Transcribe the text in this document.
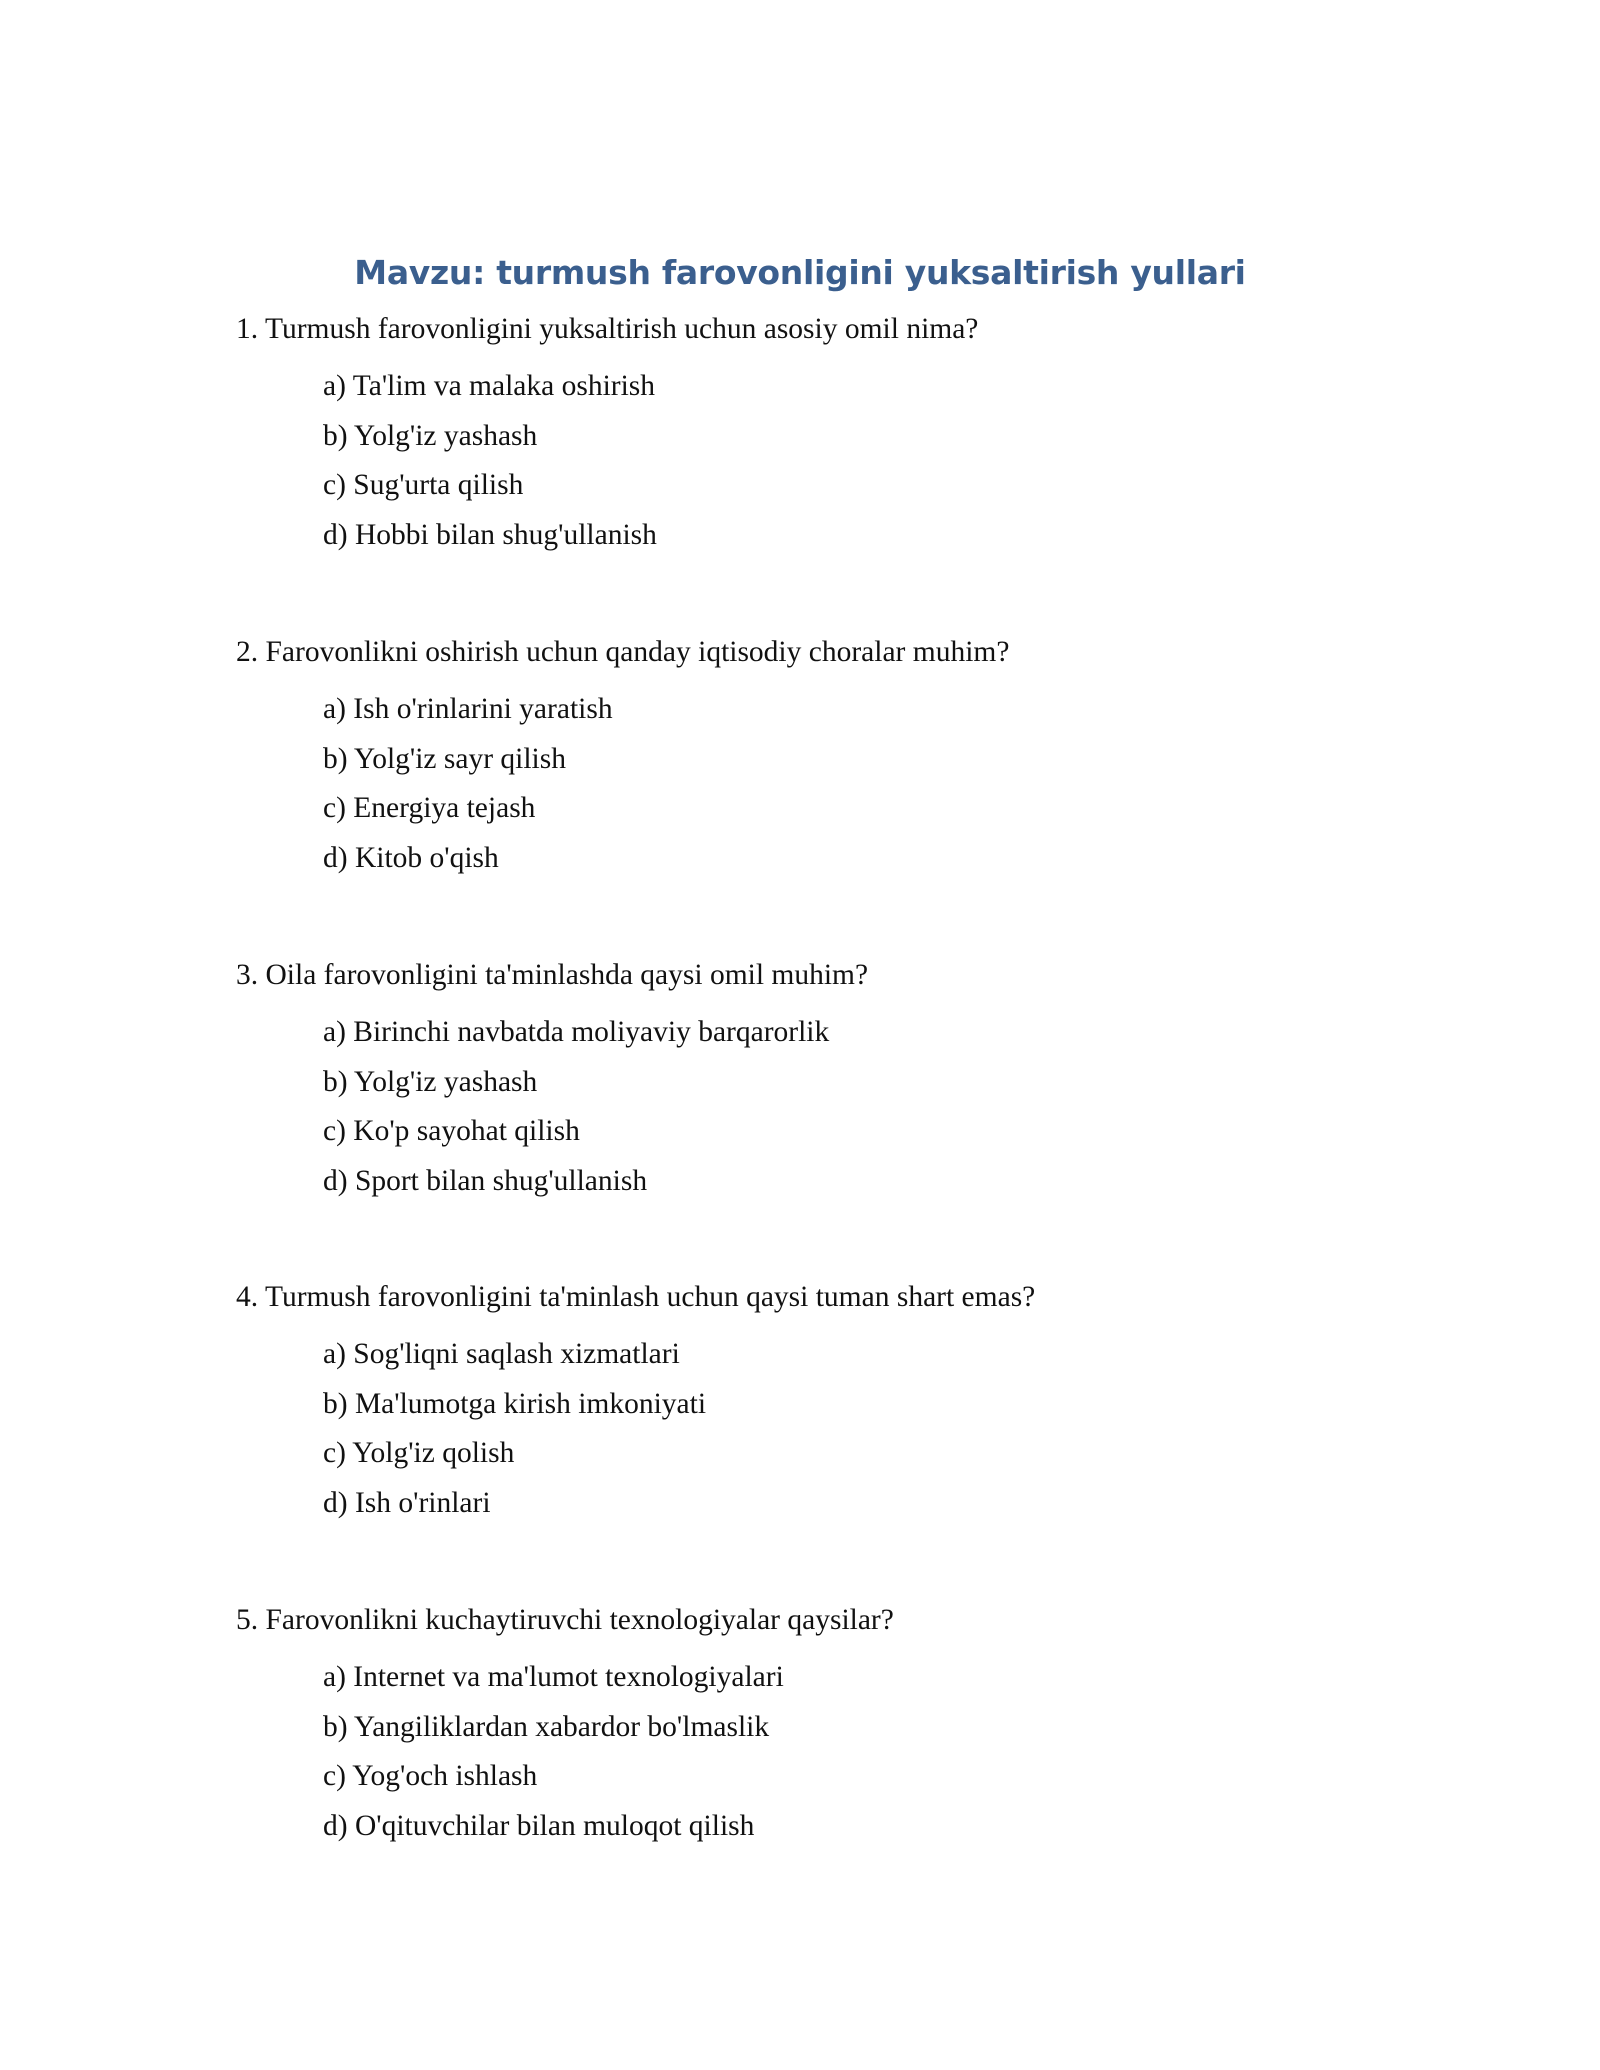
Mavzu: turmush farovonligini yuksaltirish yullari
1. Turmush farovonligini yuksaltirish uchun asosiy omil nima?
a) Ta'lim va malaka oshirish
b) Yolg'iz yashash
c) Sug'urta qilish
d) Hobbi bilan shug'ullanish
2. Farovonlikni oshirish uchun qanday iqtisodiy choralar muhim?
a) Ish o'rinlarini yaratish
b) Yolg'iz sayr qilish
c) Energiya tejash
d) Kitob o'qish
3. Oila farovonligini ta'minlashda qaysi omil muhim?
a) Birinchi navbatda moliyaviy barqarorlik
b) Yolg'iz yashash
c) Ko'p sayohat qilish
d) Sport bilan shug'ullanish
4. Turmush farovonligini ta'minlash uchun qaysi tuman shart emas?
a) Sog'liqni saqlash xizmatlari
b) Ma'lumotga kirish imkoniyati
c) Yolg'iz qolish
d) Ish o'rinlari
5. Farovonlikni kuchaytiruvchi texnologiyalar qaysilar?
a) Internet va ma'lumot texnologiyalari
b) Yangiliklardan xabardor bo'lmaslik
c) Yog'och ishlash
d) O'qituvchilar bilan muloqot qilish
